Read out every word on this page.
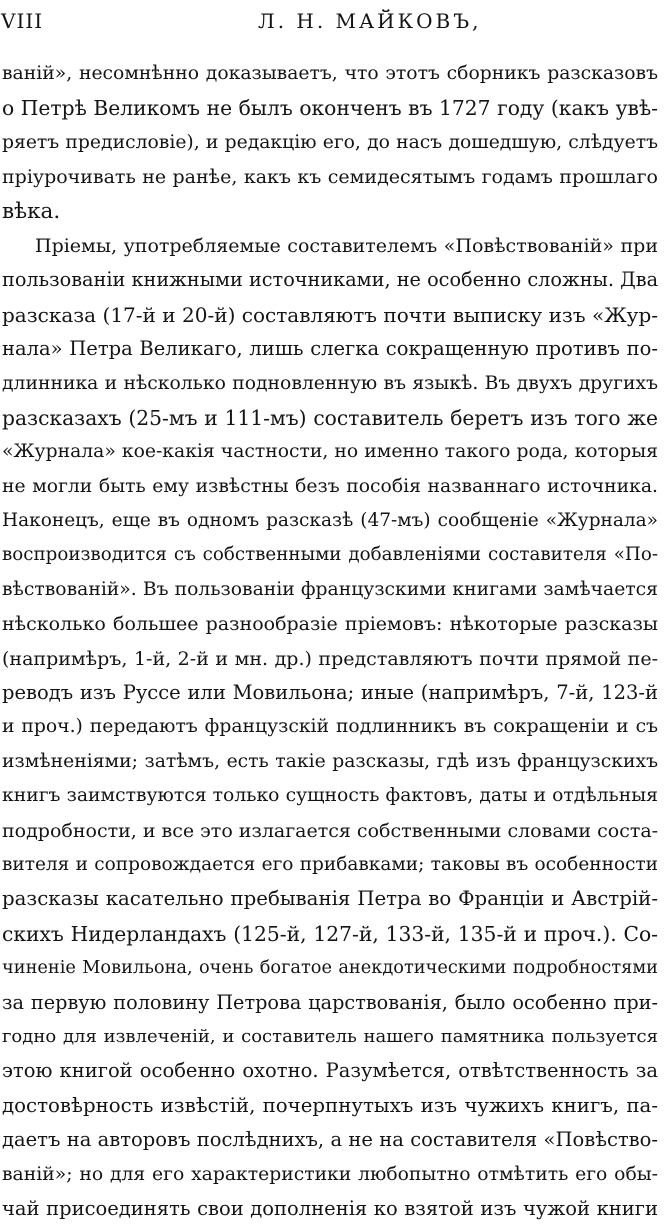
VIII	Л. Н. МАЙКОВЪ,
ваній», несомнѣнно доказываетъ, что этотъ сборникъ разсказовъ
о Петрѣ Великомъ не былъ оконченъ въ 1727 году (какъ увѣ-
ряетъ предисловіе), и редакцію его, до насъ дошедшую, слѣдуетъ
пріурочивать не ранѣе, какъ къ семидесятымъ годамъ прошлаго
вѣка.
Пріемы, употребляемые составителемъ «Повѣствованій» при
пользованіи книжными источниками, не особенно сложны. Два
разсказа (17-й и 20-й) составляютъ почти выписку изъ «Жур-
нала» Петра Великаго, лишь слегка сокращенную противъ по-
длинника и нѣсколько подновленную въ языкѣ. Въ двухъ другихъ
разсказахъ (25-мъ и 111-мъ) составитель беретъ изъ того же
«Журнала» кое-какія частности, но именно такого рода, которыя
не могли быть ему извѣстны безъ пособія названнаго источника.
Наконецъ, еще въ одномъ разсказѣ (47-мъ) сообщеніе «Журнала»
воспроизводится съ собственными добавленіями составителя «По-
вѣствованій». Въ пользованіи французскими книгами замѣчается
нѣсколько большее разнообразіе пріемовъ: нѣкоторые разсказы
(напримѣръ, 1-й, 2-й и мн. др.) представляютъ почти прямой пе-
реводъ изъ Руссе или Мовильона; иные (напримѣръ, 7-й, 123-й
и проч.) передаютъ французскій подлинникъ въ сокращеніи и съ
измѣненіями; затѣмъ, есть такіе разсказы, гдѣ изъ французскихъ
книгъ заимствуются только сущность фактовъ, даты и отдѣльныя
подробности, и все это излагается собственными словами соста-
вителя и сопровождается его прибавками; таковы въ особенности
разсказы касательно пребыванія Петра во Франціи и Австрій-
скихъ Нидерландахъ (125-й, 127-й, 133-й, 135-й и проч.). Со-
чиненіе Мовильона, очень богатое анекдотическими подробностями
за первую половину Петрова царствованія, было особенно при-
годно для извлеченій, и составитель нашего памятника пользуется
этою книгой особенно охотно. Разумѣется, отвѣтственность за
достовѣрность извѣстій, почерпнутыхъ изъ чужихъ книгъ, па-
даетъ на авторовъ послѣднихъ, а не на составителя «Повѣство-
ваній»; но для его характеристики любопытно отмѣтить его обы-
чай присоединять свои дополненія ко взятой изъ чужой книги
